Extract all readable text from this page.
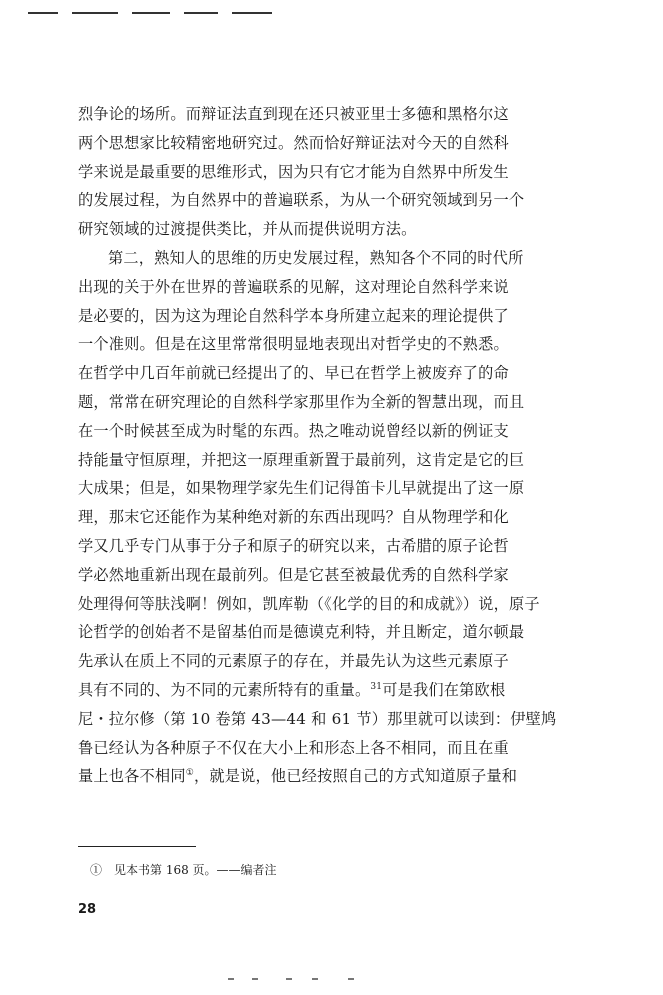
烈争论的场所。而辩证法直到现在还只被亚里士多德和黑格尔这

两个思想家比较精密地研究过。然而恰好辩证法对今天的自然科

学来说是最重要的思维形式，因为只有它才能为自然界中所发生

的发展过程，为自然界中的普遍联系，为从一个研究领域到另一个

研究领域的过渡提供类比，并从而提供说明方法。

第二，熟知人的思维的历史发展过程，熟知各个不同的时代所

出现的关于外在世界的普遍联系的见解，这对理论自然科学来说

是必要的，因为这为理论自然科学本身所建立起来的理论提供了

一个准则。但是在这里常常很明显地表现出对哲学史的不熟悉。

在哲学中几百年前就已经提出了的、早已在哲学上被废弃了的命

题，常常在研究理论的自然科学家那里作为全新的智慧出现，而且

在一个时候甚至成为时髦的东西。热之唯动说曾经以新的例证支

持能量守恒原理，并把这一原理重新置于最前列，这肯定是它的巨

大成果；但是，如果物理学家先生们记得笛卡儿早就提出了这一原

理，那末它还能作为某种绝对新的东西出现吗？自从物理学和化

学又几乎专门从事于分子和原子的研究以来，古希腊的原子论哲

学必然地重新出现在最前列。但是它甚至被最优秀的自然科学家

处理得何等肤浅啊！例如，凯库勒（《化学的目的和成就》）说，原子

论哲学的创始者不是留基伯而是德谟克利特，并且断定，道尔顿最

先承认在质上不同的元素原子的存在，并最先认为这些元素原子

具有不同的、为不同的元素所特有的重量。$^{31}$可是我们在第欧根

尼・拉尔修（第 10 卷第 43—44 和 61 节）那里就可以读到：伊壁鸠

鲁已经认为各种原子不仅在大小上和形态上各不相同，而且在重

量上也各不相同①，就是说，他已经按照自己的方式知道原子量和

①　见本书第 168 页。——编者注
28
